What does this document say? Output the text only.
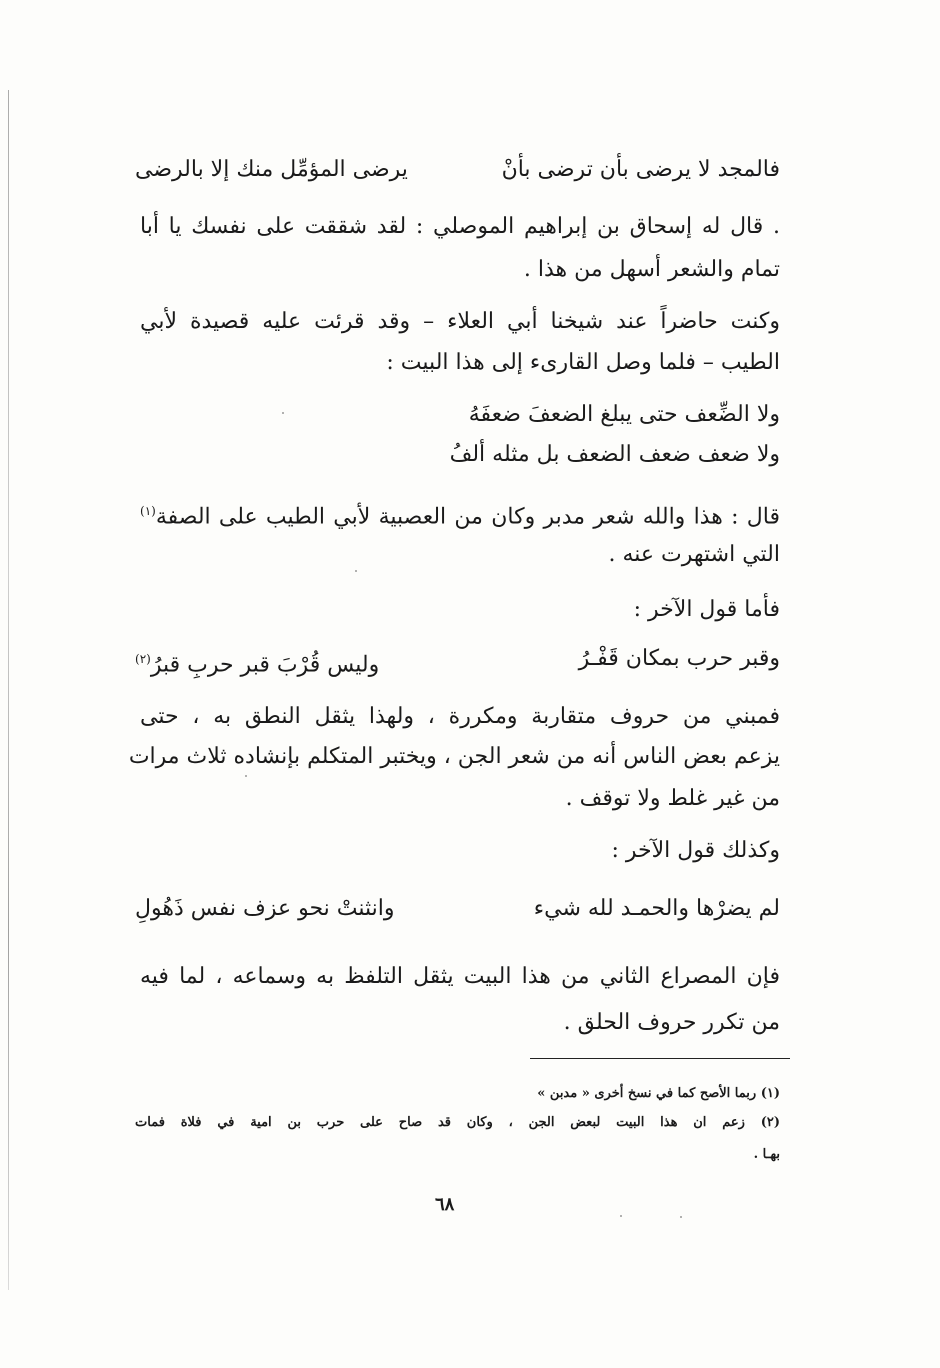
فالمجد لا يرضى بأن ترضى بأنْ
يرضى المؤمِّل منك إلا بالرضى
. قال له إسحاق بن إبراهيم الموصلي : لقد شققت على نفسك يا أبا
تمام والشعر أسهل من هذا .
وكنت حاضراً عند شيخنا أبي العلاء – وقد قرئت عليه قصيدة لأبي
الطيب – فلما وصل القارىء إلى هذا البيت :
ولا الضِّعف حتى يبلغ الضعفَ ضعفَهُ
ولا ضعف ضعف الضعف بل مثله ألفُ
قال : هذا والله شعر مدبر وكان من العصبية لأبي الطيب على الصفة$^{(١)}$
التي اشتهرت عنه .
فأما قول الآخر :
وقبر حرب بمكان قَفْـرُ
وليس قُرْبَ قبر حربِ قبرُ$^{(٢)}$
فمبني من حروف متقاربة ومكررة ، ولهذا يثقل النطق به ، حتى
يزعم بعض الناس أنه من شعر الجن ، ويختبر المتكلم بإنشاده ثلاث مرات
من غير غلط ولا توقف .
وكذلك قول الآخر :
لم يضرْها والحمـد لله شيء
وانثنتْ نحو عزف نفس ذَهُولِ
فإن المصراع الثاني من هذا البيت يثقل التلفظ به وسماعه ، لما فيه
من تكرر حروف الحلق .
(١) ربما الأصح كما في نسخ أخرى « مدبن »
(٢) زعم ان هذا البيت لبعض الجن ، وكان قد صاح على حرب بن امية في فلاة فمات
بهـا .
٦٨
